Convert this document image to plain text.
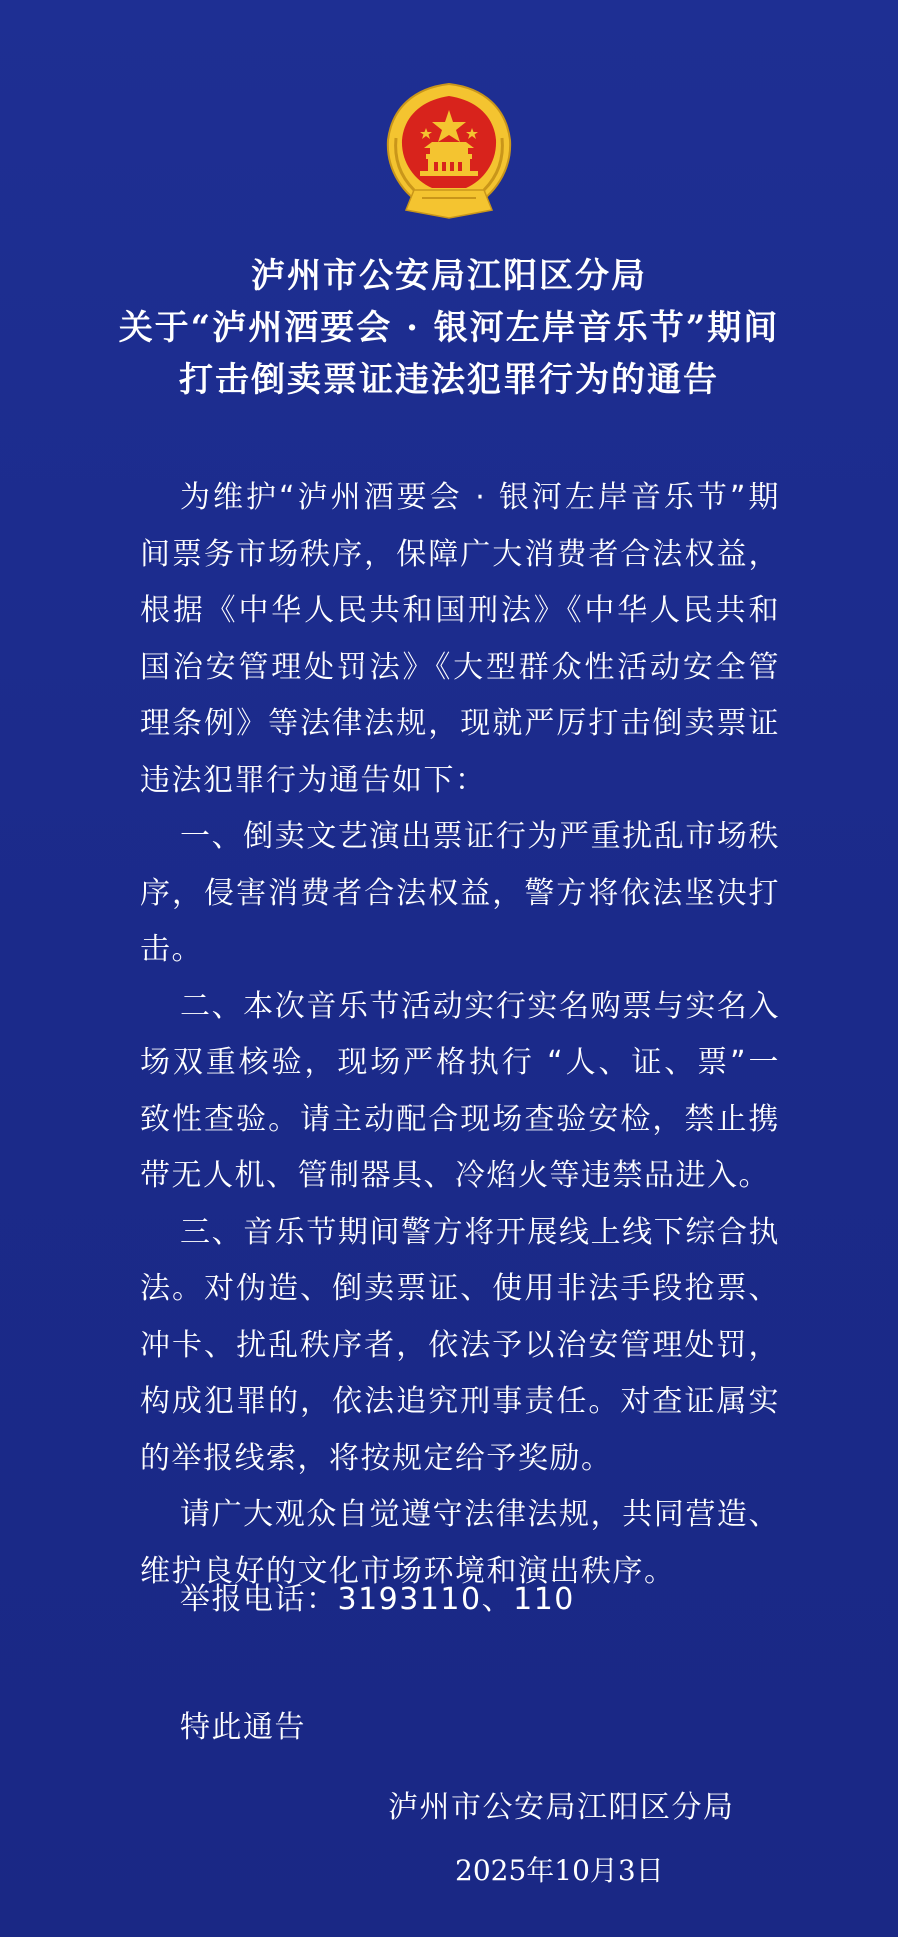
泸州市公安局江阳区分局
关于“泸州酒要会 · 银河左岸音乐节”期间
打击倒卖票证违法犯罪行为的通告

为维护“泸州酒要会 · 银河左岸音乐节”期间票务市场秩序，保障广大消费者合法权益，根据《中华人民共和国刑法》《中华人民共和国治安管理处罚法》《大型群众性活动安全管理条例》等法律法规，现就严厉打击倒卖票证违法犯罪行为通告如下：

一、倒卖文艺演出票证行为严重扰乱市场秩序，侵害消费者合法权益，警方将依法坚决打击。

二、本次音乐节活动实行实名购票与实名入场双重核验，现场严格执行 “人、证、票”一致性查验。请主动配合现场查验安检，禁止携带无人机、管制器具、冷焰火等违禁品进入。

三、音乐节期间警方将开展线上线下综合执法。对伪造、倒卖票证、使用非法手段抢票、冲卡、扰乱秩序者，依法予以治安管理处罚，构成犯罪的，依法追究刑事责任。对查证属实的举报线索，将按规定给予奖励。

请广大观众自觉遵守法律法规，共同营造、维护良好的文化市场环境和演出秩序。

举报电话：3193110、110
特此通告
泸州市公安局江阳区分局
2025年10月3日
